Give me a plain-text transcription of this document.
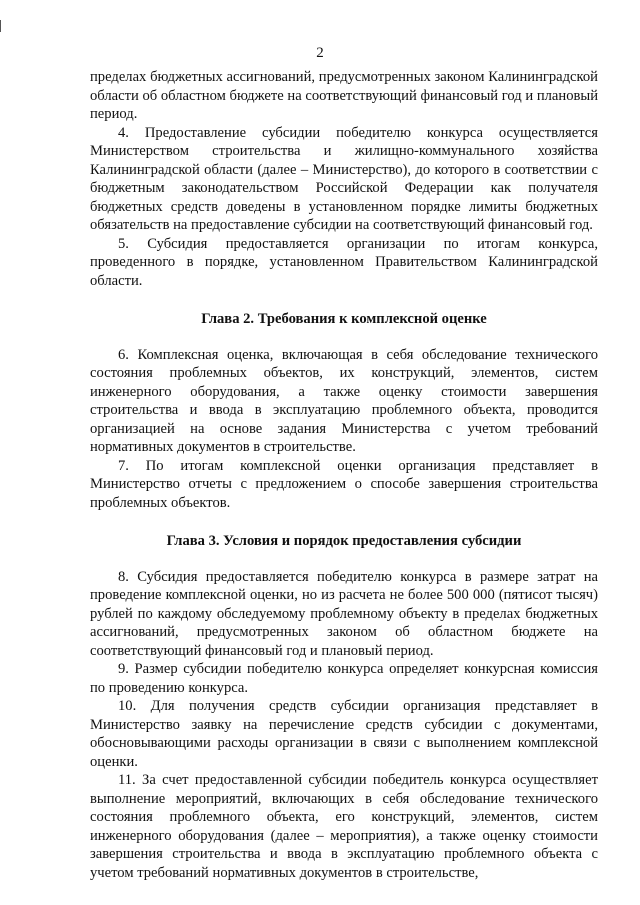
2

пределах бюджетных ассигнований, предусмотренных законом Калининградской области об областном бюджете на соответствующий финансовый год и плановый период.

4. Предоставление субсидии победителю конкурса осуществляется Министерством строительства и жилищно-коммунального хозяйства Калининградской области (далее – Министерство), до которого в соответствии с бюджетным законодательством Российской Федерации как получателя бюджетных средств доведены в установленном порядке лимиты бюджетных обязательств на предоставление субсидии на соответствующий финансовый год.

5. Субсидия предоставляется организации по итогам конкурса, проведенного в порядке, установленном Правительством Калининградской области.

Глава 2. Требования к комплексной оценке

6. Комплексная оценка, включающая в себя обследование технического состояния проблемных объектов, их конструкций, элементов, систем инженерного оборудования, а также оценку стоимости завершения строительства и ввода в эксплуатацию проблемного объекта, проводится организацией на основе задания Министерства с учетом требований нормативных документов в строительстве.

7. По итогам комплексной оценки организация представляет в Министерство отчеты с предложением о способе завершения строительства проблемных объектов.

Глава 3. Условия и порядок предоставления субсидии

8. Субсидия предоставляется победителю конкурса в размере затрат на проведение комплексной оценки, но из расчета не более 500 000 (пятисот тысяч) рублей по каждому обследуемому проблемному объекту в пределах бюджетных ассигнований, предусмотренных законом об областном бюджете на соответствующий финансовый год и плановый период.

9. Размер субсидии победителю конкурса определяет конкурсная комиссия по проведению конкурса.

10. Для получения средств субсидии организация представляет в Министерство заявку на перечисление средств субсидии с документами, обосновывающими расходы организации в связи с выполнением комплексной оценки.

11. За счет предоставленной субсидии победитель конкурса осуществляет выполнение мероприятий, включающих в себя обследование технического состояния проблемного объекта, его конструкций, элементов, систем инженерного оборудования (далее – мероприятия), а также оценку стоимости завершения строительства и ввода в эксплуатацию проблемного объекта с учетом требований нормативных документов в строительстве,
